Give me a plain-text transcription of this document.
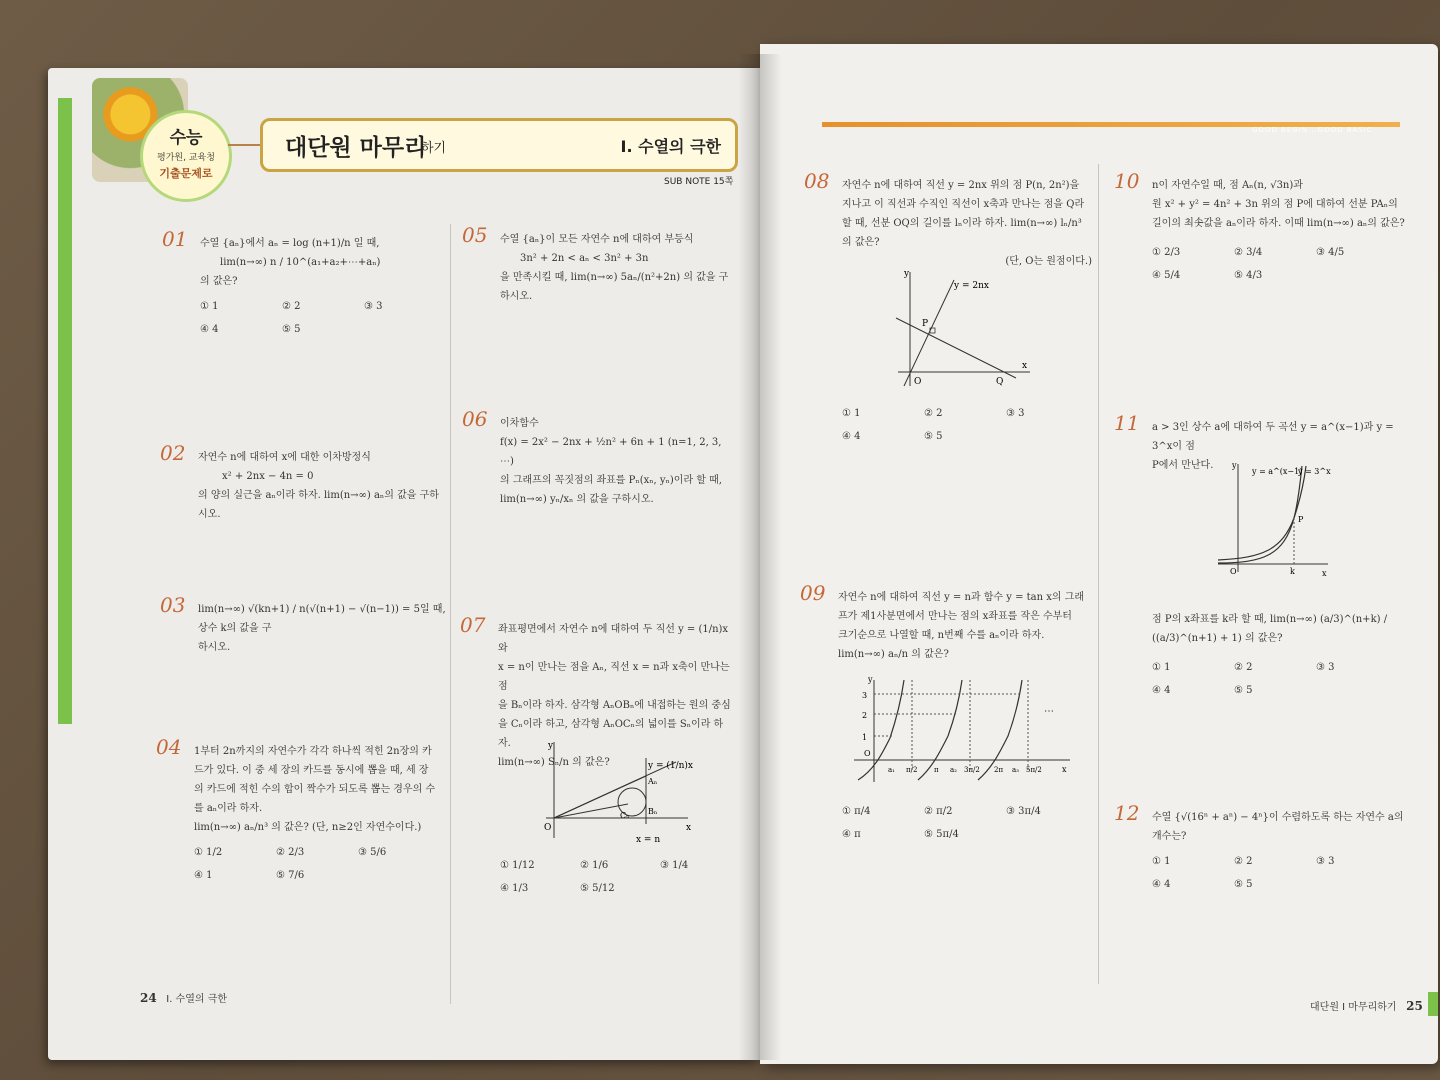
GOOD BEGIN...GOOD BASIC
수능
평가원, 교육청
기출문제로
대단원 마무리
하기	Ⅰ. 수열의 극한
SUB NOTE 15쪽
01 수열 {aₙ}에서 aₙ = log (n+1)/n 일 때,
lim(n→∞) n / 10^(a₁+a₂+⋯+aₙ)
의 값은?
① 1	② 2	③ 3
④ 4	⑤ 5
02 자연수 n에 대하여 x에 대한 이차방정식
x² + 2nx − 4n = 0
의 양의 실근을 aₙ이라 하자. lim(n→∞) aₙ의 값을 구하시오.
03 lim(n→∞) √(kn+1) / n(√(n+1) − √(n−1)) = 5일 때, 상수 k의 값을 구
하시오.
04 1부터 2n까지의 자연수가 각각 하나씩 적힌 2n장의 카
드가 있다. 이 중 세 장의 카드를 동시에 뽑을 때, 세 장
의 카드에 적힌 수의 합이 짝수가 되도록 뽑는 경우의 수
를 aₙ이라 하자.
lim(n→∞) aₙ/n³ 의 값은? (단, n≥2인 자연수이다.)
① 1/2	② 2/3	③ 5/6
④ 1	⑤ 7/6
05 수열 {aₙ}이 모든 자연수 n에 대하여 부등식
3n² + 2n < aₙ < 3n² + 3n
을 만족시킬 때, lim(n→∞) 5aₙ/(n²+2n) 의 값을 구하시오.
06 이차함수
f(x) = 2x² − 2nx + ½n² + 6n + 1 (n=1, 2, 3, ⋯)
의 그래프의 꼭짓점의 좌표를 Pₙ(xₙ, yₙ)이라 할 때,
lim(n→∞) yₙ/xₙ 의 값을 구하시오.
07 좌표평면에서 자연수 n에 대하여 두 직선 y = (1/n)x와
x = n이 만나는 점을 Aₙ, 직선 x = n과 x축이 만나는 점
을 Bₙ이라 하자. 삼각형 AₙOBₙ에 내접하는 원의 중심
을 Cₙ이라 하고, 삼각형 AₙOCₙ의 넓이를 Sₙ이라 하자.
lim(n→∞) Sₙ/n 의 값은?
y
x
O
y = (1/n)x
Aₙ
Bₙ
Cₙ
x = n
① 1/12	② 1/6	③ 1/4
④ 1/3	⑤ 5/12
24 Ⅰ. 수열의 극한
08 자연수 n에 대하여 직선 y = 2nx 위의 점 P(n, 2n²)을
지나고 이 직선과 수직인 직선이 x축과 만나는 점을 Q라
할 때, 선분 OQ의 길이를 lₙ이라 하자. lim(n→∞) lₙ/n³ 의 값은?
(단, O는 원점이다.)
y
x
y = 2nx
P
O	Q
① 1	② 2	③ 3
④ 4	⑤ 5
09 자연수 n에 대하여 직선 y = n과 함수 y = tan x의 그래
프가 제1사분면에서 만나는 점의 x좌표를 작은 수부터
크기순으로 나열할 때, n번째 수를 aₙ이라 하자.
lim(n→∞) aₙ/n 의 값은?
3
2
1
O
y
x
a₁ π/2 π a₂ 3π/2 2π a₃ 5π/2
⋯
① π/4	② π/2	③ 3π/4
④ π	⑤ 5π/4
10 n이 자연수일 때, 점 Aₙ(n, √3n)과
원 x² + y² = 4n² + 3n 위의 점 P에 대하여 선분 PAₙ의
길이의 최솟값을 aₙ이라 하자. 이때 lim(n→∞) aₙ의 값은?
① 2/3	② 3/4	③ 4/5
④ 5/4	⑤ 4/3
11 a > 3인 상수 a에 대하여 두 곡선 y = a^(x−1)과 y = 3^x이 점
P에서 만난다.	y
x
y = a^(x−1)
y = 3^x
P
O	k
점 P의 x좌표를 k라 할 때, lim(n→∞) (a/3)^(n+k) / ((a/3)^(n+1) + 1) 의 값은?
① 1	② 2	③ 3
④ 4	⑤ 5
12 수열 {√(16ⁿ + aⁿ) − 4ⁿ}이 수렴하도록 하는 자연수 a의
개수는?
① 1	② 2	③ 3
④ 4	⑤ 5
대단원 Ⅰ 마무리하기 25
